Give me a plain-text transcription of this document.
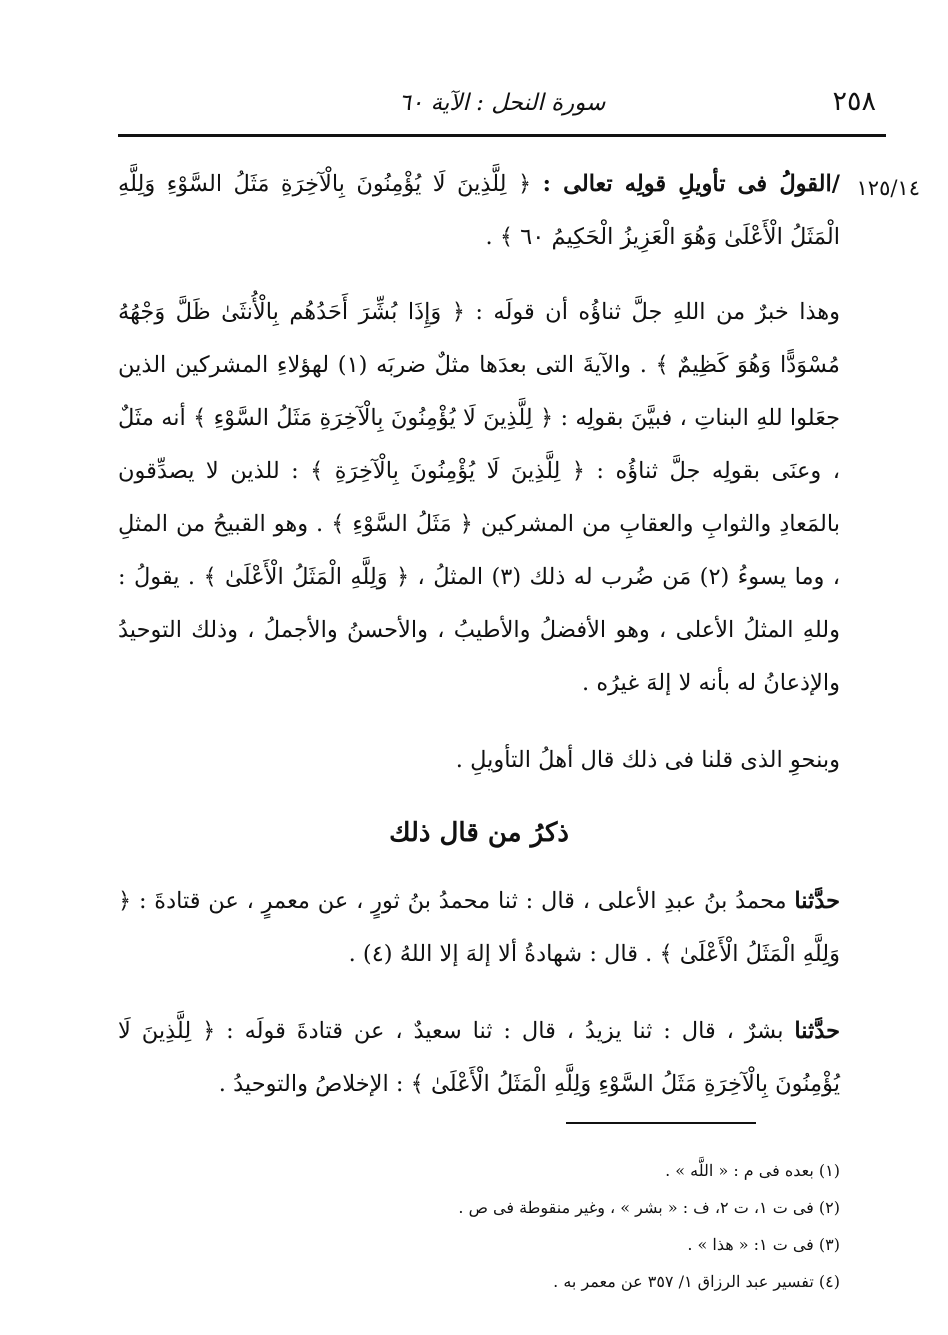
٢٥٨
سورة النحل : الآية ٦٠
١٢٥/١٤

/القولُ فى تأويلِ قولِه تعالى : ﴿ لِلَّذِينَ لَا يُؤْمِنُونَ بِالْآخِرَةِ مَثَلُ السَّوْءِ وَلِلَّهِ الْمَثَلُ الْأَعْلَىٰ وَهُوَ الْعَزِيزُ الْحَكِيمُ ٦٠ ﴾ .

وهذا خبرٌ من اللهِ جلَّ ثناؤُه أن قولَه : ﴿ وَإِذَا بُشِّرَ أَحَدُهُم بِالْأُنثَىٰ ظَلَّ وَجْهُهُ مُسْوَدًّا وَهُوَ كَظِيمٌ ﴾ . والآيةَ التى بعدَها مثلٌ ضربَه (١) لهؤلاءِ المشركين الذين جعَلوا للهِ البناتِ ، فبيَّنَ بقولِه : ﴿ لِلَّذِينَ لَا يُؤْمِنُونَ بِالْآخِرَةِ مَثَلُ السَّوْءِ ﴾ أنه مثَلٌ ، وعنَى بقولِه جلَّ ثناؤُه : ﴿ لِلَّذِينَ لَا يُؤْمِنُونَ بِالْآخِرَةِ ﴾ : للذين لا يصدِّقون بالمَعادِ والثوابِ والعقابِ من المشركين ﴿ مَثَلُ السَّوْءِ ﴾ . وهو القبيحُ من المثلِ ، وما يسوءُ (٢) مَن ضُرب له ذلك (٣) المثلُ ، ﴿ وَلِلَّهِ الْمَثَلُ الْأَعْلَىٰ ﴾ . يقولُ : وللهِ المثلُ الأعلى ، وهو الأفضلُ والأطيبُ ، والأحسنُ والأجملُ ، وذلك التوحيدُ والإذعانُ له بأنه لا إلهَ غيرُه .

وبنحوِ الذى قلنا فى ذلك قال أهلُ التأويلِ .

ذكرُ من قال ذلك

حدَّثنا محمدُ بنُ عبدِ الأعلى ، قال : ثنا محمدُ بنُ ثورٍ ، عن معمرٍ ، عن قتادةَ : ﴿ وَلِلَّهِ الْمَثَلُ الْأَعْلَىٰ ﴾ . قال : شهادةُ ألا إلهَ إلا اللهُ (٤) .

حدَّثنا بشرٌ ، قال : ثنا يزيدُ ، قال : ثنا سعيدٌ ، عن قتادةَ قولَه : ﴿ لِلَّذِينَ لَا يُؤْمِنُونَ بِالْآخِرَةِ مَثَلُ السَّوْءِ وَلِلَّهِ الْمَثَلُ الْأَعْلَىٰ ﴾ : الإخلاصُ والتوحيدُ .

(١) بعده فى م : « اللَّه » .

(٢) فى ت ١، ت ٢، ف : « بشر » ، وغير منقوطة فى ص .

(٣) فى ت ١: « هذا » .

(٤) تفسير عبد الرزاق ١/ ٣٥٧ عن معمر به .
